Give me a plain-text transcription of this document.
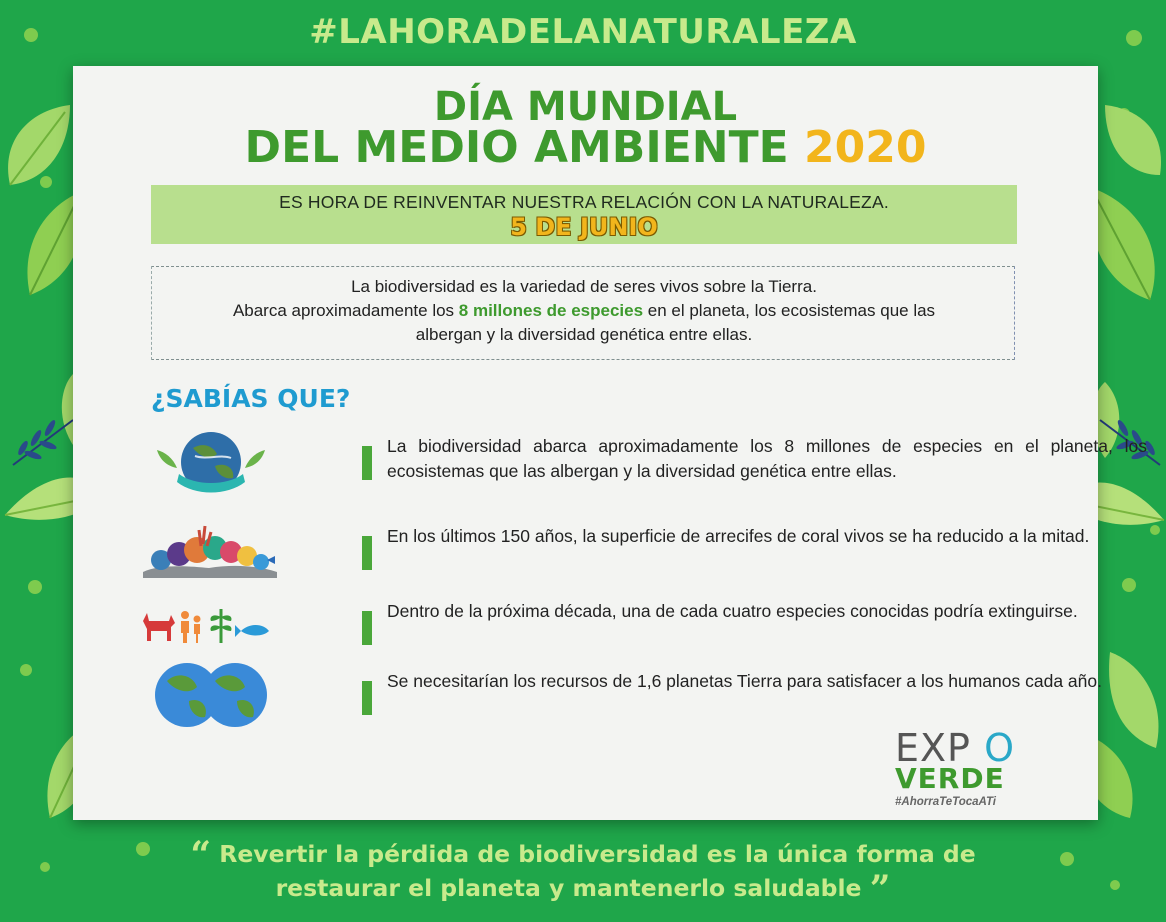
#LAHORADELANATURALEZA
DÍA MUNDIAL
DEL MEDIO AMBIENTE 2020
ES HORA DE REINVENTAR NUESTRA RELACIÓN CON LA NATURALEZA.
5 DE JUNIO
La biodiversidad es la variedad de seres vivos sobre la Tierra.
Abarca aproximadamente los 8 millones de especies en el planeta, los ecosistemas que las
albergan y la diversidad genética entre ellas.
¿SABÍAS QUE?
La biodiversidad abarca aproximadamente los 8 millones de especies en el planeta, los ecosistemas que las albergan y la diversidad genética entre ellas.
En los últimos 150 años, la superficie de arrecifes de coral vivos se ha reducido a la mitad.
Dentro de la próxima década, una de cada cuatro especies conocidas podría extinguirse.
Se necesitarían los recursos de 1,6 planetas Tierra para satisfacer a los humanos cada año.
EXP O
VERDE
#AhorraTeTocaATi
“ Revertir la pérdida de biodiversidad es la única forma de
restaurar el planeta y mantenerlo saludable ”
